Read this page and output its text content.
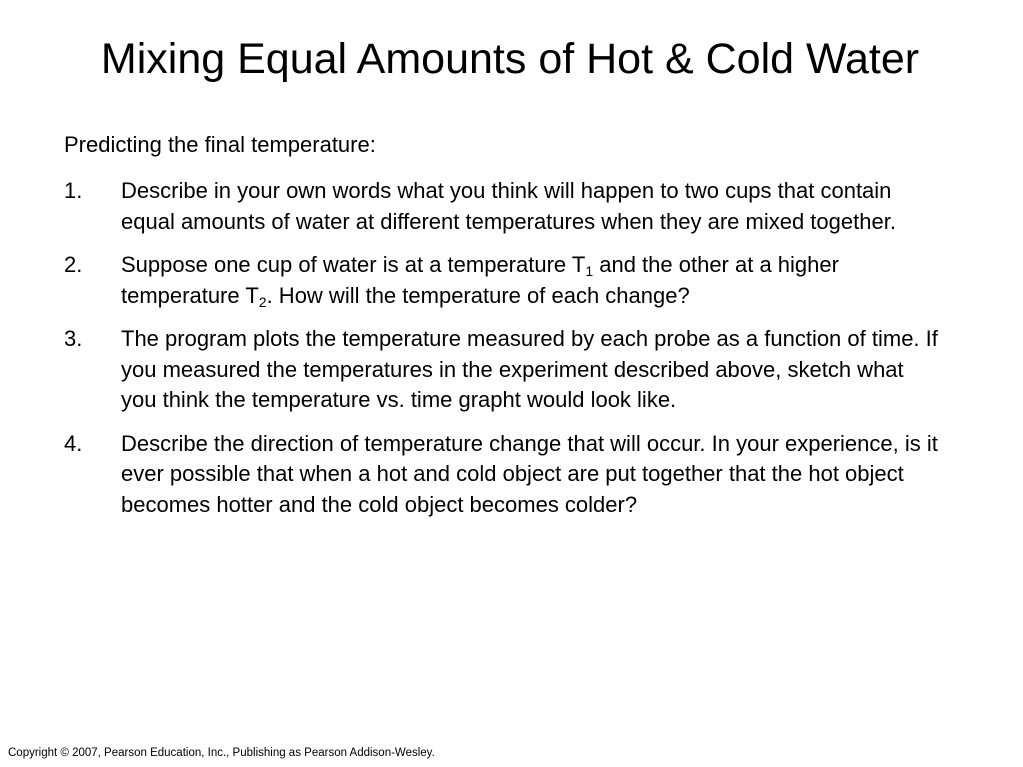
Mixing Equal Amounts of Hot & Cold Water

Predicting the final temperature:

1. Describe in your own words what you think will happen to two cups that contain equal amounts of water at different temperatures when they are mixed together.
2. Suppose one cup of water is at a temperature $T_1$ and the other at a higher temperature $T_2$. How will the temperature of each change?
3. The program plots the temperature measured by each probe as a function of time. If you measured the temperatures in the experiment described above, sketch what you think the temperature vs. time grapht would look like.
4. Describe the direction of temperature change that will occur. In your experience, is it ever possible that when a hot and cold object are put together that the hot object becomes hotter and the cold object becomes colder?

Copyright © 2007, Pearson Education, Inc., Publishing as Pearson Addison-Wesley.
